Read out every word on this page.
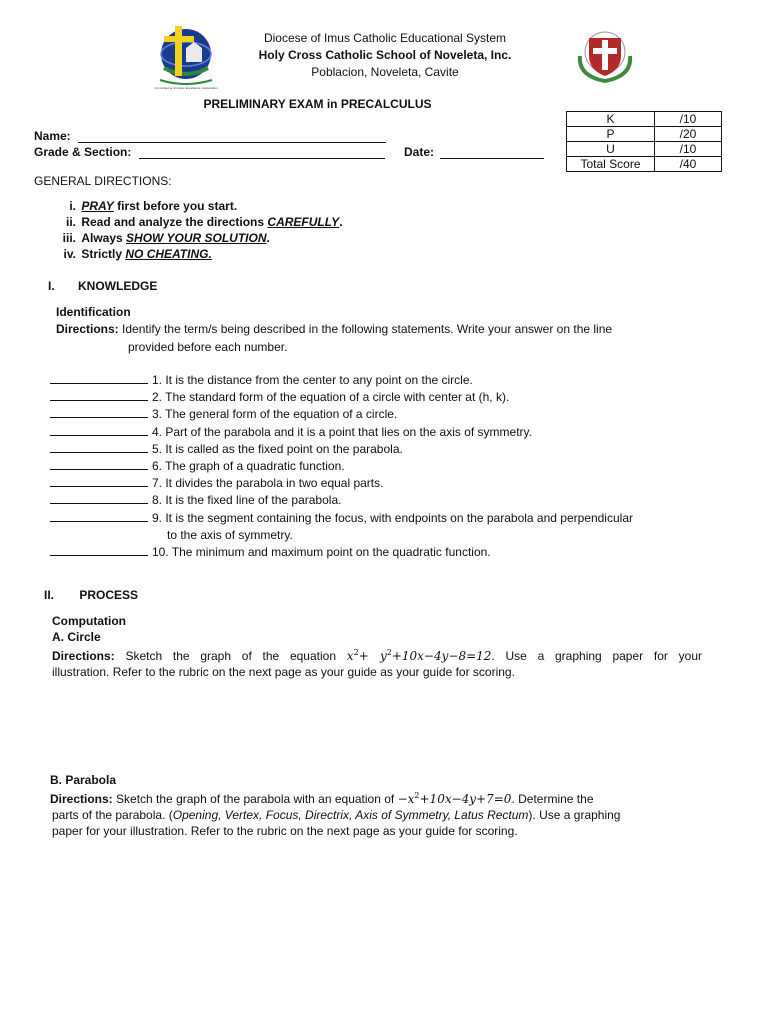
Committed to Christian Excellence in Education
Diocese of Imus Catholic Educational System
Holy Cross Catholic School of Noveleta, Inc.
Poblacion, Noveleta, Cavite
PRELIMINARY EXAM in PRECALCULUS
K	/10
P	/20
U	/10
Total Score	/40
Name:
Grade & Section:	Date:
GENERAL DIRECTIONS:
i. PRAY first before you start.
ii. Read and analyze the directions CAREFULLY.
iii. Always SHOW YOUR SOLUTION.
iv. Strictly NO CHEATING.
I. KNOWLEDGE
Identification
Directions: Identify the term/s being described in the following statements. Write your answer on the line
provided before each number.
1. It is the distance from the center to any point on the circle.
2. The standard form of the equation of a circle with center at (h, k).
3. The general form of the equation of a circle.
4. Part of the parabola and it is a point that lies on the axis of symmetry.
5. It is called as the fixed point on the parabola.
6. The graph of a quadratic function.
7. It divides the parabola in two equal parts.
8. It is the fixed line of the parabola.
9. It is the segment containing the focus, with endpoints on the parabola and perpendicular
to the axis of symmetry.
10. The minimum and maximum point on the quadratic function.
II. PROCESS
Computation
A. Circle
Directions: Sketch the graph of the equation $x^2+ y^2+10x-4y-8=12$. Use a graphing paper for your
illustration. Refer to the rubric on the next page as your guide as your guide for scoring.
B. Parabola
Directions: Sketch the graph of the parabola with an equation of $-x^2+10x-4y+7=0$. Determine the
parts of the parabola. (Opening, Vertex, Focus, Directrix, Axis of Symmetry, Latus Rectum). Use a graphing
paper for your illustration. Refer to the rubric on the next page as your guide for scoring.
